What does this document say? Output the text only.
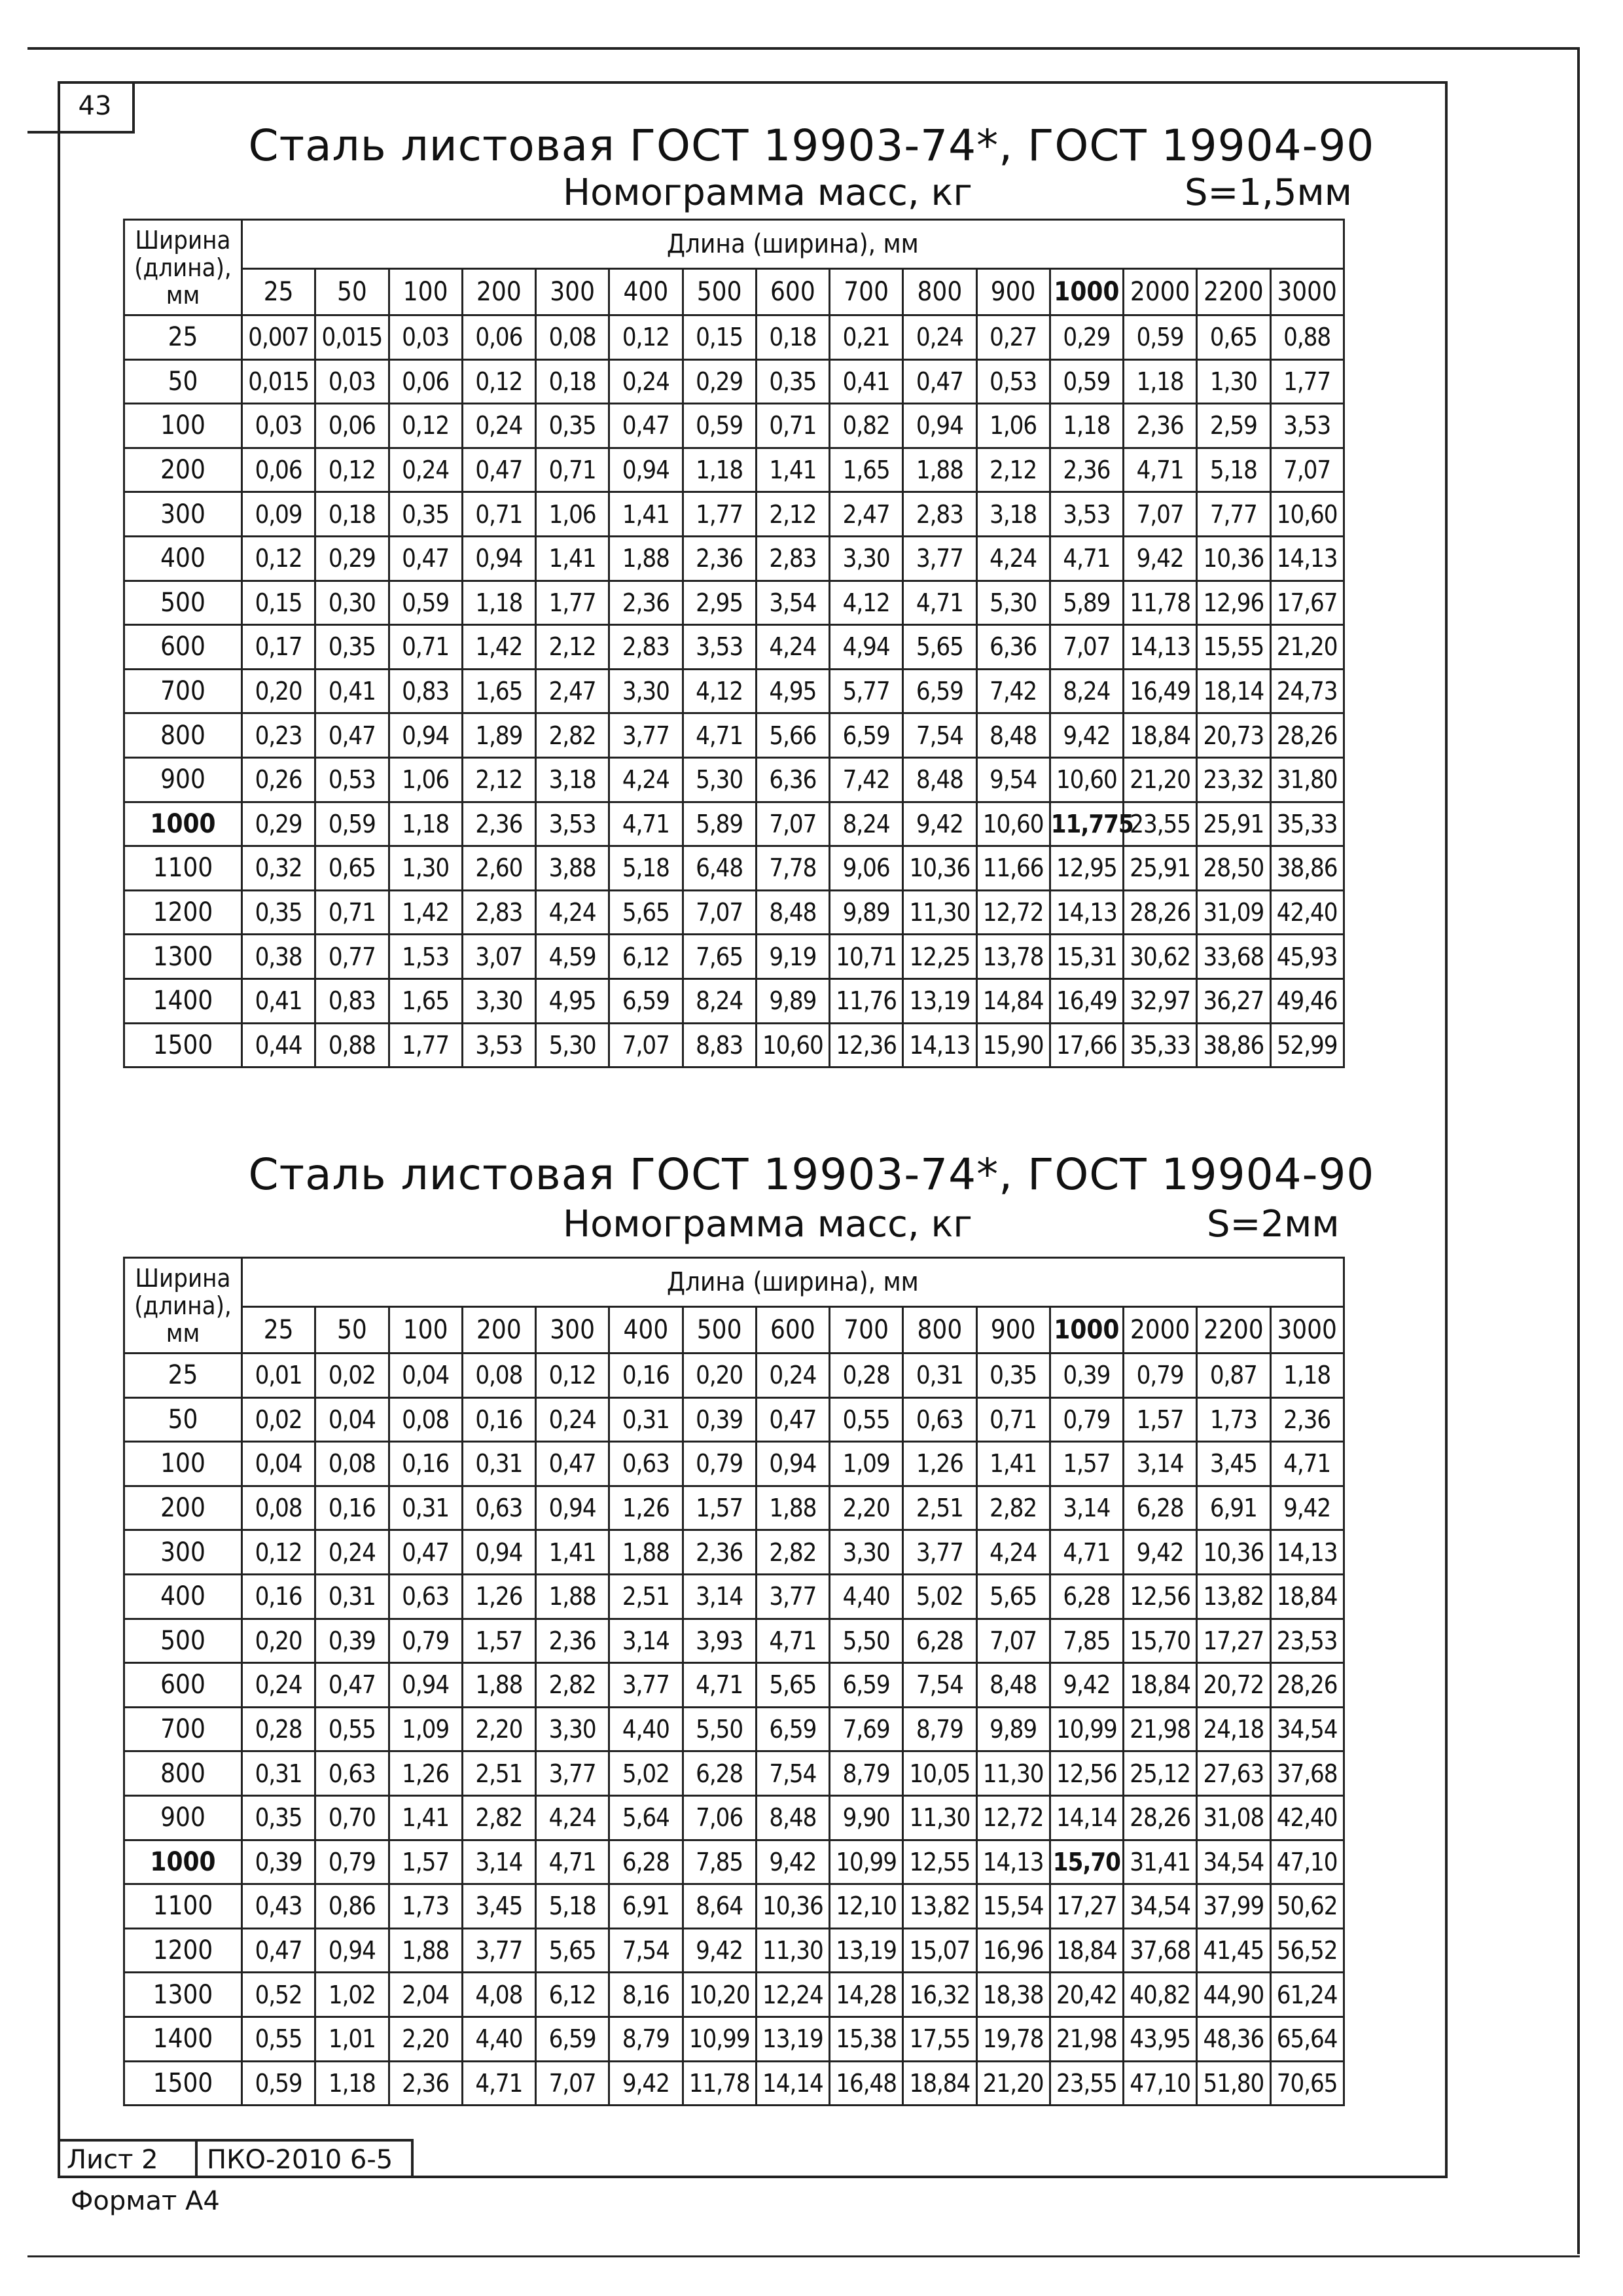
43
Сталь листовая ГОСТ 19903-74*, ГОСТ 19904-90
Номограмма масс, кг	S=1,5мм
Ширина (длина), мм	Длина (ширина), мм														
	25	50	100	200	300	400	500	600	700	800	900	1000	2000	2200	3000
25	0,007	0,015	0,03	0,06	0,08	0,12	0,15	0,18	0,21	0,24	0,27	0,29	0,59	0,65	0,88
50	0,015	0,03	0,06	0,12	0,18	0,24	0,29	0,35	0,41	0,47	0,53	0,59	1,18	1,30	1,77
100	0,03	0,06	0,12	0,24	0,35	0,47	0,59	0,71	0,82	0,94	1,06	1,18	2,36	2,59	3,53
200	0,06	0,12	0,24	0,47	0,71	0,94	1,18	1,41	1,65	1,88	2,12	2,36	4,71	5,18	7,07
300	0,09	0,18	0,35	0,71	1,06	1,41	1,77	2,12	2,47	2,83	3,18	3,53	7,07	7,77	10,60
400	0,12	0,29	0,47	0,94	1,41	1,88	2,36	2,83	3,30	3,77	4,24	4,71	9,42	10,36	14,13
500	0,15	0,30	0,59	1,18	1,77	2,36	2,95	3,54	4,12	4,71	5,30	5,89	11,78	12,96	17,67
600	0,17	0,35	0,71	1,42	2,12	2,83	3,53	4,24	4,94	5,65	6,36	7,07	14,13	15,55	21,20
700	0,20	0,41	0,83	1,65	2,47	3,30	4,12	4,95	5,77	6,59	7,42	8,24	16,49	18,14	24,73
800	0,23	0,47	0,94	1,89	2,82	3,77	4,71	5,66	6,59	7,54	8,48	9,42	18,84	20,73	28,26
900	0,26	0,53	1,06	2,12	3,18	4,24	5,30	6,36	7,42	8,48	9,54	10,60	21,20	23,32	31,80
1000	0,29	0,59	1,18	2,36	3,53	4,71	5,89	7,07	8,24	9,42	10,60	11,775	23,55	25,91	35,33
1100	0,32	0,65	1,30	2,60	3,88	5,18	6,48	7,78	9,06	10,36	11,66	12,95	25,91	28,50	38,86
1200	0,35	0,71	1,42	2,83	4,24	5,65	7,07	8,48	9,89	11,30	12,72	14,13	28,26	31,09	42,40
1300	0,38	0,77	1,53	3,07	4,59	6,12	7,65	9,19	10,71	12,25	13,78	15,31	30,62	33,68	45,93
1400	0,41	0,83	1,65	3,30	4,95	6,59	8,24	9,89	11,76	13,19	14,84	16,49	32,97	36,27	49,46
1500	0,44	0,88	1,77	3,53	5,30	7,07	8,83	10,60	12,36	14,13	15,90	17,66	35,33	38,86	52,99
Сталь листовая ГОСТ 19903-74*, ГОСТ 19904-90
Номограмма масс, кг	S=2мм
Ширина (длина), мм	Длина (ширина), мм														
	25	50	100	200	300	400	500	600	700	800	900	1000	2000	2200	3000
25	0,01	0,02	0,04	0,08	0,12	0,16	0,20	0,24	0,28	0,31	0,35	0,39	0,79	0,87	1,18
50	0,02	0,04	0,08	0,16	0,24	0,31	0,39	0,47	0,55	0,63	0,71	0,79	1,57	1,73	2,36
100	0,04	0,08	0,16	0,31	0,47	0,63	0,79	0,94	1,09	1,26	1,41	1,57	3,14	3,45	4,71
200	0,08	0,16	0,31	0,63	0,94	1,26	1,57	1,88	2,20	2,51	2,82	3,14	6,28	6,91	9,42
300	0,12	0,24	0,47	0,94	1,41	1,88	2,36	2,82	3,30	3,77	4,24	4,71	9,42	10,36	14,13
400	0,16	0,31	0,63	1,26	1,88	2,51	3,14	3,77	4,40	5,02	5,65	6,28	12,56	13,82	18,84
500	0,20	0,39	0,79	1,57	2,36	3,14	3,93	4,71	5,50	6,28	7,07	7,85	15,70	17,27	23,53
600	0,24	0,47	0,94	1,88	2,82	3,77	4,71	5,65	6,59	7,54	8,48	9,42	18,84	20,72	28,26
700	0,28	0,55	1,09	2,20	3,30	4,40	5,50	6,59	7,69	8,79	9,89	10,99	21,98	24,18	34,54
800	0,31	0,63	1,26	2,51	3,77	5,02	6,28	7,54	8,79	10,05	11,30	12,56	25,12	27,63	37,68
900	0,35	0,70	1,41	2,82	4,24	5,64	7,06	8,48	9,90	11,30	12,72	14,14	28,26	31,08	42,40
1000	0,39	0,79	1,57	3,14	4,71	6,28	7,85	9,42	10,99	12,55	14,13	15,70	31,41	34,54	47,10
1100	0,43	0,86	1,73	3,45	5,18	6,91	8,64	10,36	12,10	13,82	15,54	17,27	34,54	37,99	50,62
1200	0,47	0,94	1,88	3,77	5,65	7,54	9,42	11,30	13,19	15,07	16,96	18,84	37,68	41,45	56,52
1300	0,52	1,02	2,04	4,08	6,12	8,16	10,20	12,24	14,28	16,32	18,38	20,42	40,82	44,90	61,24
1400	0,55	1,01	2,20	4,40	6,59	8,79	10,99	13,19	15,38	17,55	19,78	21,98	43,95	48,36	65,64
1500	0,59	1,18	2,36	4,71	7,07	9,42	11,78	14,14	16,48	18,84	21,20	23,55	47,10	51,80	70,65
Лист 2	ПКО-2010 6-5
Формат А4
